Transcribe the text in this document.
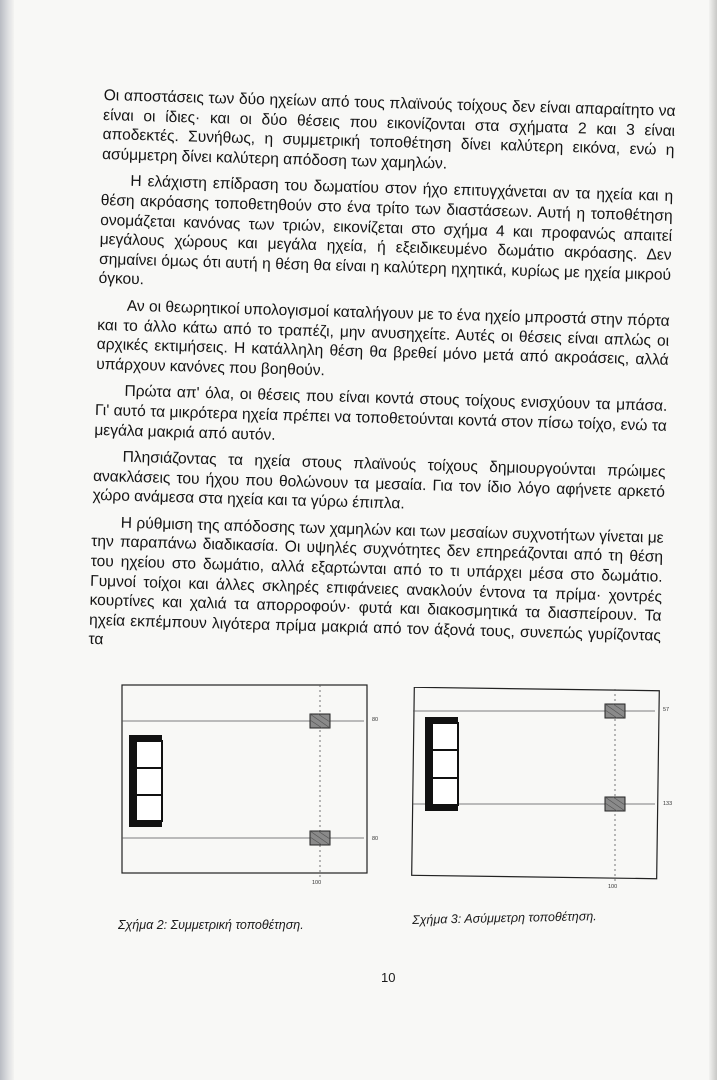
Οι αποστάσεις των δύο ηχείων από τους πλαϊνούς τοίχους δεν είναι απαραίτητο να είναι οι ίδιες· και οι δύο θέσεις που εικονίζονται στα σχήματα 2 και 3 είναι αποδεκτές. Συνήθως, η συμμετρική τοποθέτηση δίνει καλύτερη εικόνα, ενώ η ασύμμετρη δίνει καλύτερη απόδοση των χαμηλών.

Η ελάχιστη επίδραση του δωματίου στον ήχο επιτυγχάνεται αν τα ηχεία και η θέση ακρόασης τοποθετηθούν στο ένα τρίτο των διαστάσεων. Αυτή η τοποθέτηση ονομάζεται κανόνας των τριών, εικονίζεται στο σχήμα 4 και προφανώς απαιτεί μεγάλους χώρους και μεγάλα ηχεία, ή εξειδικευμένο δωμάτιο ακρόασης. Δεν σημαίνει όμως ότι αυτή η θέση θα είναι η καλύτερη ηχητικά, κυρίως με ηχεία μικρού όγκου.

Αν οι θεωρητικοί υπολογισμοί καταλήγουν με το ένα ηχείο μπροστά στην πόρτα και το άλλο κάτω από το τραπέζι, μην ανυσηχείτε. Αυτές οι θέσεις είναι απλώς οι αρχικές εκτιμήσεις. Η κατάλληλη θέση θα βρεθεί μόνο μετά από ακροάσεις, αλλά υπάρχουν κανόνες που βοηθούν.

Πρώτα απ' όλα, οι θέσεις που είναι κοντά στους τοίχους ενισχύουν τα μπάσα. Γι' αυτό τα μικρότερα ηχεία πρέπει να τοποθετούνται κοντά στον πίσω τοίχο, ενώ τα μεγάλα μακριά από αυτόν.

Πλησιάζοντας τα ηχεία στους πλαϊνούς τοίχους δημιουργούνται πρώιμες ανακλάσεις του ήχου που θολώνουν τα μεσαία. Για τον ίδιο λόγο αφήνετε αρκετό χώρο ανάμεσα στα ηχεία και τα γύρω έπιπλα.

Η ρύθμιση της απόδοσης των χαμηλών και των μεσαίων συχνοτήτων γίνεται με την παραπάνω διαδικασία. Οι υψηλές συχνότητες δεν επηρεάζονται από τη θέση του ηχείου στο δωμάτιο, αλλά εξαρτώνται από το τι υπάρχει μέσα στο δωμάτιο. Γυμνοί τοίχοι και άλλες σκληρές επιφάνειες ανακλούν έντονα τα πρίμα· χοντρές κουρτίνες και χαλιά τα απορροφούν· φυτά και διακοσμητικά τα διασπείρουν. Τα ηχεία εκπέμπουν λιγότερα πρίμα μακριά από τον άξονά τους, συνεπώς γυρίζοντας τα

80
80
100
57
133
100
Σχήμα 2: Συμμετρική τοποθέτηση.	Σχήμα 3: Ασύμμετρη τοποθέτηση.
10
